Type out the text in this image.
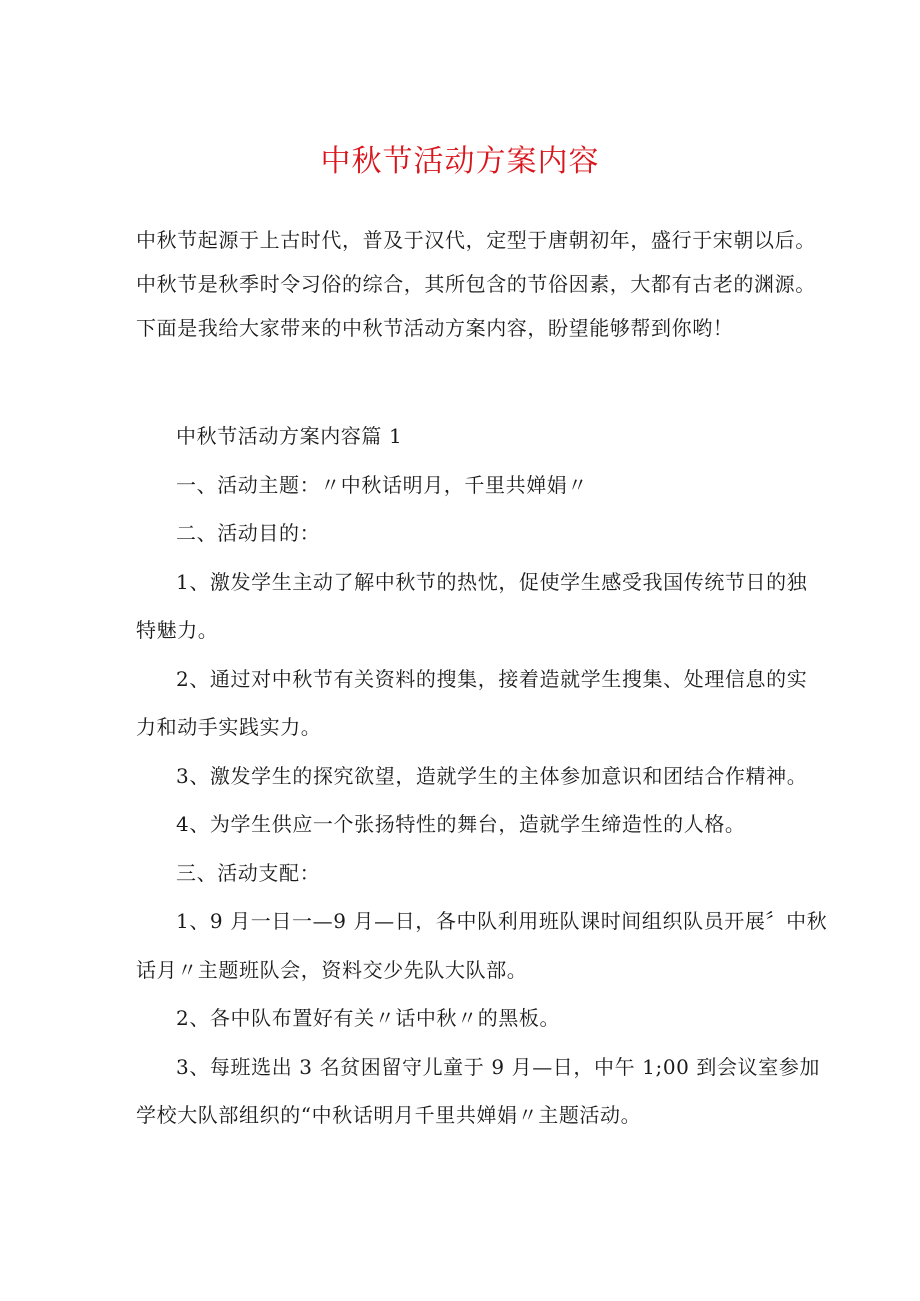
中秋节活动方案内容

中秋节起源于上古时代，普及于汉代，定型于唐朝初年，盛行于宋朝以后。

中秋节是秋季时令习俗的综合，其所包含的节俗因素，大都有古老的渊源。

下面是我给大家带来的中秋节活动方案内容，盼望能够帮到你哟！

中秋节活动方案内容篇 1

一、活动主题：〃中秋话明月，千里共婵娟〃

二、活动目的：

1、激发学生主动了解中秋节的热忱，促使学生感受我国传统节日的独

特魅力。

2、通过对中秋节有关资料的搜集，接着造就学生搜集、处理信息的实

力和动手实践实力。

3、激发学生的探究欲望，造就学生的主体参加意识和团结合作精神。

4、为学生供应一个张扬特性的舞台，造就学生缔造性的人格。

三、活动支配：

1、9 月一日一—9 月—日，各中队利用班队课时间组织队员开展〞中秋

话月〃主题班队会，资料交少先队大队部。

2、各中队布置好有关〃话中秋〃的黑板。

3、每班选出 3 名贫困留守儿童于 9 月—日，中午 1;00 到会议室参加

学校大队部组织的“中秋话明月千里共婵娟〃主题活动。
